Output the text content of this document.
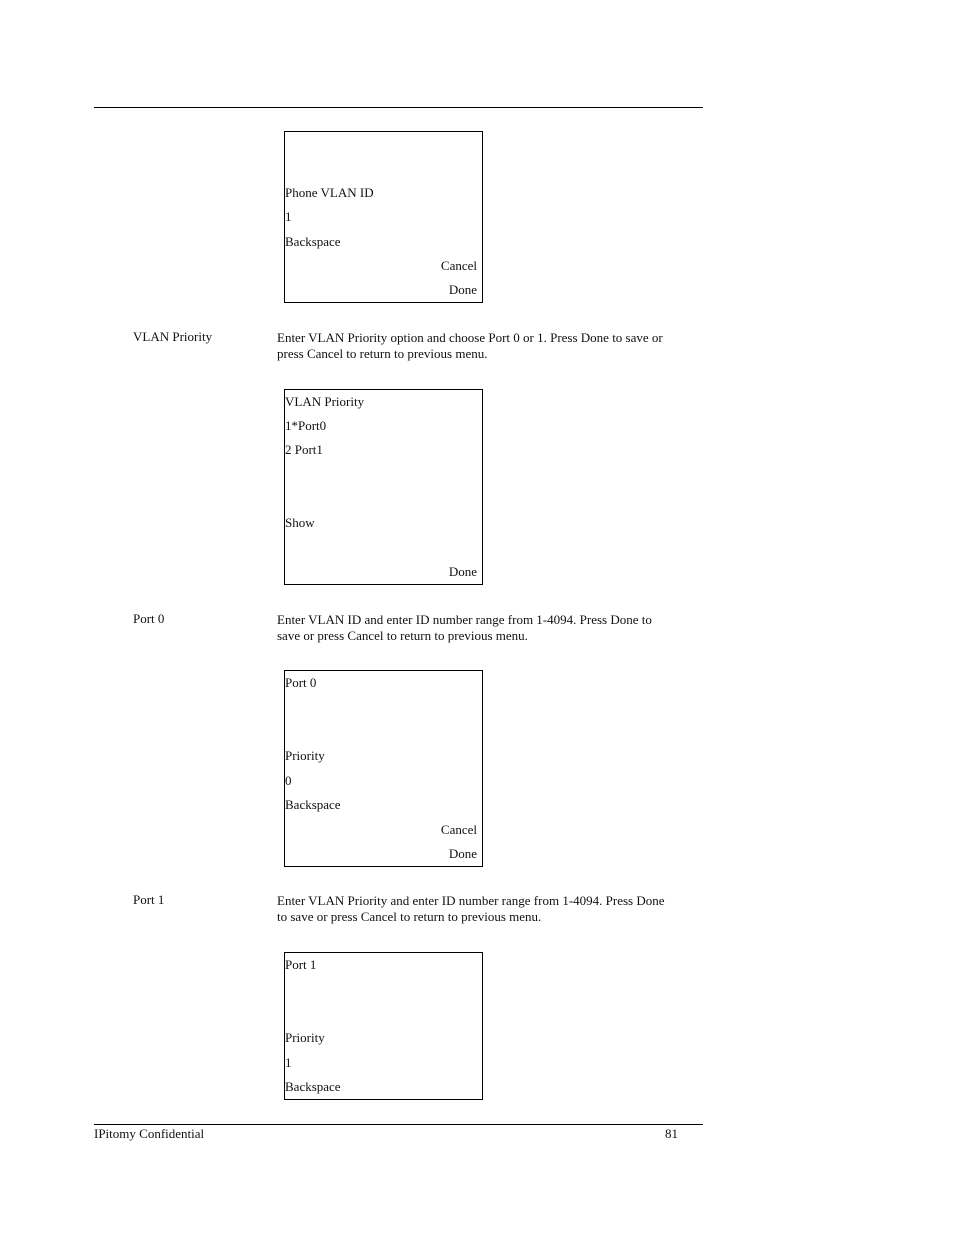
Phone VLAN ID
1
Backspace
Cancel
Done
VLAN Priority	Enter VLAN Priority option and choose Port 0 or 1. Press Done to save or press Cancel to return to previous menu.
VLAN Priority
1*Port0
2 Port1
Show
Done
Port 0	Enter VLAN ID and enter ID number range from 1-4094. Press Done to save or press Cancel to return to previous menu.
Port 0
Priority
0
Backspace
Cancel
Done
Port 1	Enter VLAN Priority and enter ID number range from 1-4094. Press Done to save or press Cancel to return to previous menu.
Port 1
Priority
1
Backspace
IPitomy Confidential	81
